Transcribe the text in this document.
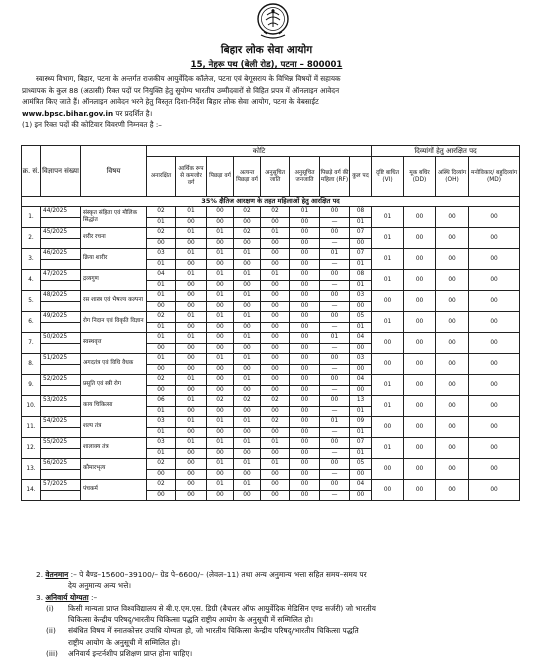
बिहार लोक सेवा आयोग
15, नेहरू पथ (बेली रोड), पटना – 800001

स्वास्थ्य विभाग, बिहार, पटना के अन्तर्गत राजकीय आयुर्वेदिक कॉलेज, पटना एवं बेगूसराय के विभिन्न विषयों में सहायक

प्राध्यापक के कुल 88 (अठासी) रिक्त पदों पर नियुक्ति हेतु सुयोग्य भारतीय उम्मीदवारों से विहित प्रपत्र में ऑनलाइन आवेदन

आमंत्रित किए जाते हैं। ऑनलाइन आवेदन भरने हेतु विस्तृत दिशा-निर्देश बिहार लोक सेवा आयोग, पटना के वेबसाईट

www.bpsc.bihar.gov.in पर प्रदर्शित है।

(1) इन रिक्त पदों की कोटिवार विवरणी निम्नवत है :–

क्र. सं.	विज्ञापन संख्या	विषय	कोटि								दिव्यांगों हेतु आरक्षित पद			
			अनारक्षित	आर्थिक रूप से कमजोर वर्ग	पिछड़ा वर्ग	अत्यन्त पिछड़ा वर्ग	अनुसूचित जाति	अनुसूचित जनजाति	पिछड़े वर्ग की महिला (RF)	कुल पद	दृष्टि बाधित (VI)	मूक बधिर (DD)	अस्थि दिव्यांग (OH)	मनोविकार/ बहुदिव्यांग (MD)
35% क्षैतिज आरक्षण के तहत महिलाओं हेतु आरक्षित पद														
1.	44/2025	संस्कृत संहिता एवं मौलिक सिद्धांत	02	01	00	02	02	01	00	08	01	00	00	00
			01	00	00	00	00	00	—	01				
2.	45/2025	शरीर रचना	02	01	01	02	01	00	00	07	01	00	00	00
			00	00	00	00	00	00	—	00				
3.	46/2025	क्रिया शारीर	03	01	01	01	00	00	01	07	01	00	00	00
			01	00	00	00	00	00	—	01				
4.	47/2025	द्रव्यगुण	04	01	01	01	01	00	00	08	01	00	00	00
			01	00	00	00	00	00	—	01				
5.	48/2025	रस शास्त्र एवं भैषज्य कल्पना	01	00	01	01	00	00	00	03	00	00	00	00
			00	00	00	00	00	00	—	00				
6.	49/2025	रोग निदान एवं विकृति विज्ञान	02	01	01	01	00	00	00	05	01	00	00	00
			01	00	00	00	00	00	—	01				
7.	50/2025	स्वस्थवृत्त	01	01	00	01	00	00	01	04	00	00	00	00
			00	00	00	00	00	00	—	00				
8.	51/2025	अगदतंत्र एवं विधि वैधक	01	00	01	01	00	00	00	03	00	00	00	00
			00	00	00	00	00	00	—	00				
9.	52/2025	प्रसूति एवं स्त्री रोग	02	01	00	01	00	00	00	04	01	00	00	00
			00	00	00	00	00	00	—	00				
10.	53/2025	काय चिकित्सा	06	01	02	02	02	00	00	13	01	00	00	00
			01	00	00	00	00	00	—	01				
11.	54/2025	शल्य तंत्र	03	01	01	01	02	00	01	09	00	00	00	00
			01	00	00	00	00	00	—	01				
12.	55/2025	शालाक्य तंत्र	03	01	01	01	01	00	00	07	01	00	00	00
			01	00	00	00	00	00	—	01				
13.	56/2025	कौमारभृत्य	02	00	01	01	01	00	00	05	00	00	00	00
			00	00	00	00	00	00	—	00				
14.	57/2025	पंचकर्म	02	00	01	01	00	00	00	04	00	00	00	00
			00	00	00	00	00	00	—	00				

2. वेतनमान :– पे बैण्ड–15600–39100/– ग्रेड पे–6600/– (लेवल–11) तथा अन्य अनुमान्य भत्ता सहित समय–समय पर

देय अनुमान्य अन्य भत्ते।

3. अनिवार्य योग्यता :–

(i) किसी मान्यता प्राप्त विश्वविद्यालय से बी.ए.एम.एस. डिग्री (बैचलर ऑफ आयुर्वेदिक मेडिसिन एण्ड सर्जरी) जो भारतीय

चिकित्सा केन्द्रीय परिषद्/भारतीय चिकित्सा पद्धति राष्ट्रीय आयोग के अनुसूची में सम्मिलित हो।

(ii) संबंधित विषय में स्नातकोत्तर उपाधि योग्यता हो, जो भारतीय चिकित्सा केन्द्रीय परिषद्/भारतीय चिकित्सा पद्धति

राष्ट्रीय आयोग के अनुसूची में सम्मिलित हो।

(iii) अनिवार्य इन्टर्नशीप प्रशिक्षण प्राप्त होना चाहिए।
